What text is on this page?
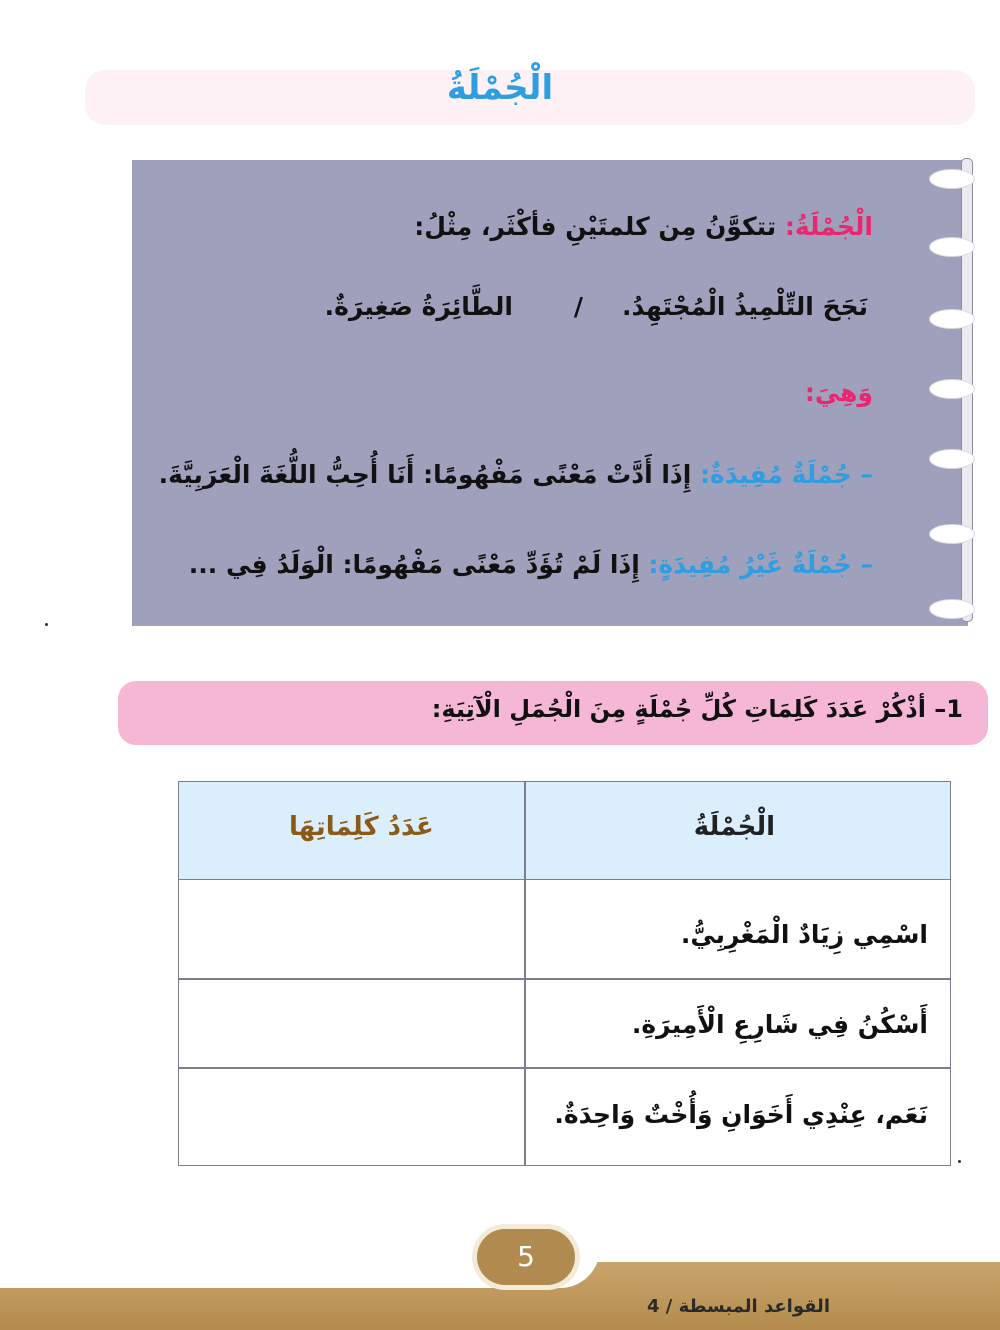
الْجُمْلَةُ
الْجُمْلَةُ: تتكوَّنُ مِن كلمتَيْنِ فأكْثَر، مِثْلُ:
نَجَحَ التِّلْمِيذُ الْمُجْتَهِدُ.
/
الطَّائِرَةُ صَغِيرَةٌ.
وَهِيَ:
– جُمْلَةٌ مُفِيدَةٌ: إِذَا أَدَّتْ مَعْنًى مَفْهُومًا: أَنَا أُحِبُّ اللُّغَةَ الْعَرَبِيَّةَ.
– جُمْلَةٌ غَيْرُ مُفِيدَةٍ: إِذَا لَمْ تُؤَدِّ مَعْنًى مَفْهُومًا: الْوَلَدُ فِي ...
1– أذْكُرْ عَدَدَ كَلِمَاتِ كُلِّ جُمْلَةٍ مِنَ الْجُمَلِ الْآتِيَةِ:
الْجُمْلَةُ
عَدَدُ كَلِمَاتِهَا
اسْمِي زِيَادٌ الْمَغْرِبِيُّ.
أَسْكُنُ فِي شَارِعِ الْأَمِيرَةِ.
نَعَم، عِنْدِي أَخَوَانِ وَأُخْتٌ وَاحِدَةٌ.
5
القواعد المبسطة / 4
